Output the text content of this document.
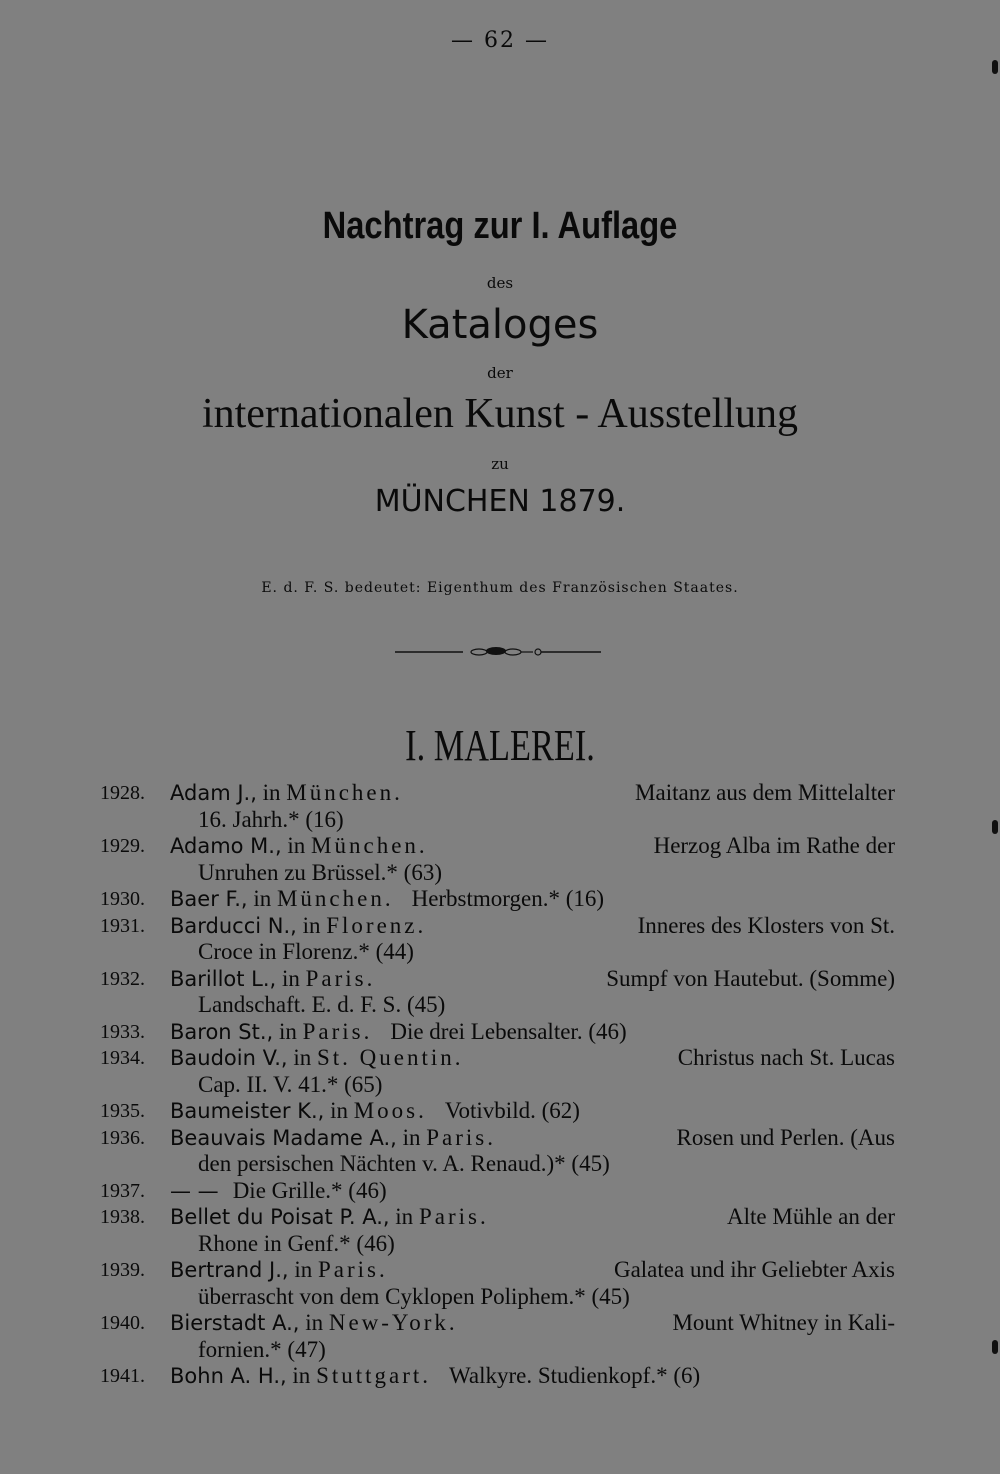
— 62 —
Nachtrag zur I. Auflage
des
Kataloges
der
internationalen Kunst - Ausstellung
zu
MÜNCHEN 1879.
E. d. F. S. bedeutet: Eigenthum des Französischen Staates.
I. MALEREI.
1928.	Adam J., in München.	Maitanz aus dem Mittelalter
16. Jahrh.* (16)
1929.	Adamo M., in München.	Herzog Alba im Rathe der
Unruhen zu Brüssel.* (63)
1930.	Baer F., in München. Herbstmorgen.* (16)
1931.	Barducci N., in Florenz.	Inneres des Klosters von St.
Croce in Florenz.* (44)
1932.	Barillot L., in Paris.	Sumpf von Hautebut. (Somme)
Landschaft. E. d. F. S. (45)
1933.	Baron St., in Paris. Die drei Lebensalter. (46)
1934.	Baudoin V., in St. Quentin.	Christus nach St. Lucas
Cap. II. V. 41.* (65)
1935.	Baumeister K., in Moos. Votivbild. (62)
1936.	Beauvais Madame A., in Paris.	Rosen und Perlen. (Aus
den persischen Nächten v. A. Renaud.)* (45)
1937.	— — Die Grille.* (46)
1938.	Bellet du Poisat P. A., in Paris.	Alte Mühle an der
Rhone in Genf.* (46)
1939.	Bertrand J., in Paris.	Galatea und ihr Geliebter Axis
überrascht von dem Cyklopen Poliphem.* (45)
1940.	Bierstadt A., in New-York.	Mount Whitney in Kali-
fornien.* (47)
1941.	Bohn A. H., in Stuttgart. Walkyre. Studienkopf.* (6)
